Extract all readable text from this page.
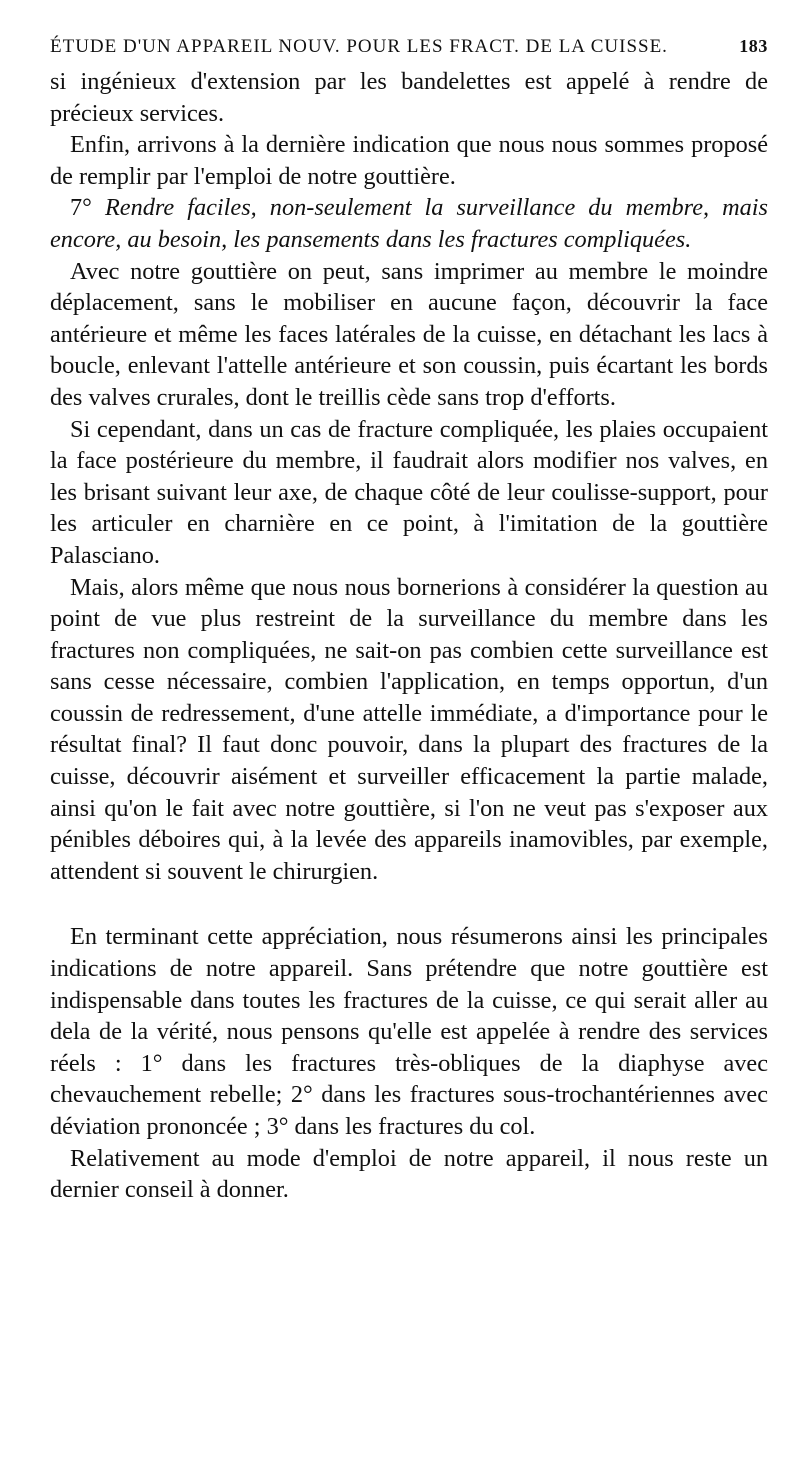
ÉTUDE D'UN APPAREIL NOUV. POUR LES FRACT. DE LA CUISSE.	183

si ingénieux d'extension par les bandelettes est appelé à rendre de précieux services.

Enfin, arrivons à la dernière indication que nous nous sommes proposé de remplir par l'emploi de notre gouttière.

7° Rendre faciles, non-seulement la surveillance du membre, mais encore, au besoin, les pansements dans les fractures compliquées.

Avec notre gouttière on peut, sans imprimer au membre le moindre déplacement, sans le mobiliser en aucune façon, découvrir la face antérieure et même les faces latérales de la cuisse, en détachant les lacs à boucle, enlevant l'attelle antérieure et son coussin, puis écartant les bords des valves crurales, dont le treillis cède sans trop d'efforts.

Si cependant, dans un cas de fracture compliquée, les plaies occupaient la face postérieure du membre, il faudrait alors modifier nos valves, en les brisant suivant leur axe, de chaque côté de leur coulisse-support, pour les articuler en charnière en ce point, à l'imitation de la gouttière Palasciano.

Mais, alors même que nous nous bornerions à considérer la question au point de vue plus restreint de la surveillance du membre dans les fractures non compliquées, ne sait-on pas combien cette surveillance est sans cesse nécessaire, combien l'application, en temps opportun, d'un coussin de redressement, d'une attelle immédiate, a d'importance pour le résultat final? Il faut donc pouvoir, dans la plupart des fractures de la cuisse, découvrir aisément et surveiller efficacement la partie malade, ainsi qu'on le fait avec notre gouttière, si l'on ne veut pas s'exposer aux pénibles déboires qui, à la levée des appareils inamovibles, par exemple, attendent si souvent le chirurgien.

En terminant cette appréciation, nous résumerons ainsi les principales indications de notre appareil. Sans prétendre que notre gouttière est indispensable dans toutes les fractures de la cuisse, ce qui serait aller au dela de la vérité, nous pensons qu'elle est appelée à rendre des services réels : 1° dans les fractures très-obliques de la diaphyse avec chevauchement rebelle; 2° dans les fractures sous-trochantériennes avec déviation prononcée ; 3° dans les fractures du col.

Relativement au mode d'emploi de notre appareil, il nous reste un dernier conseil à donner.
